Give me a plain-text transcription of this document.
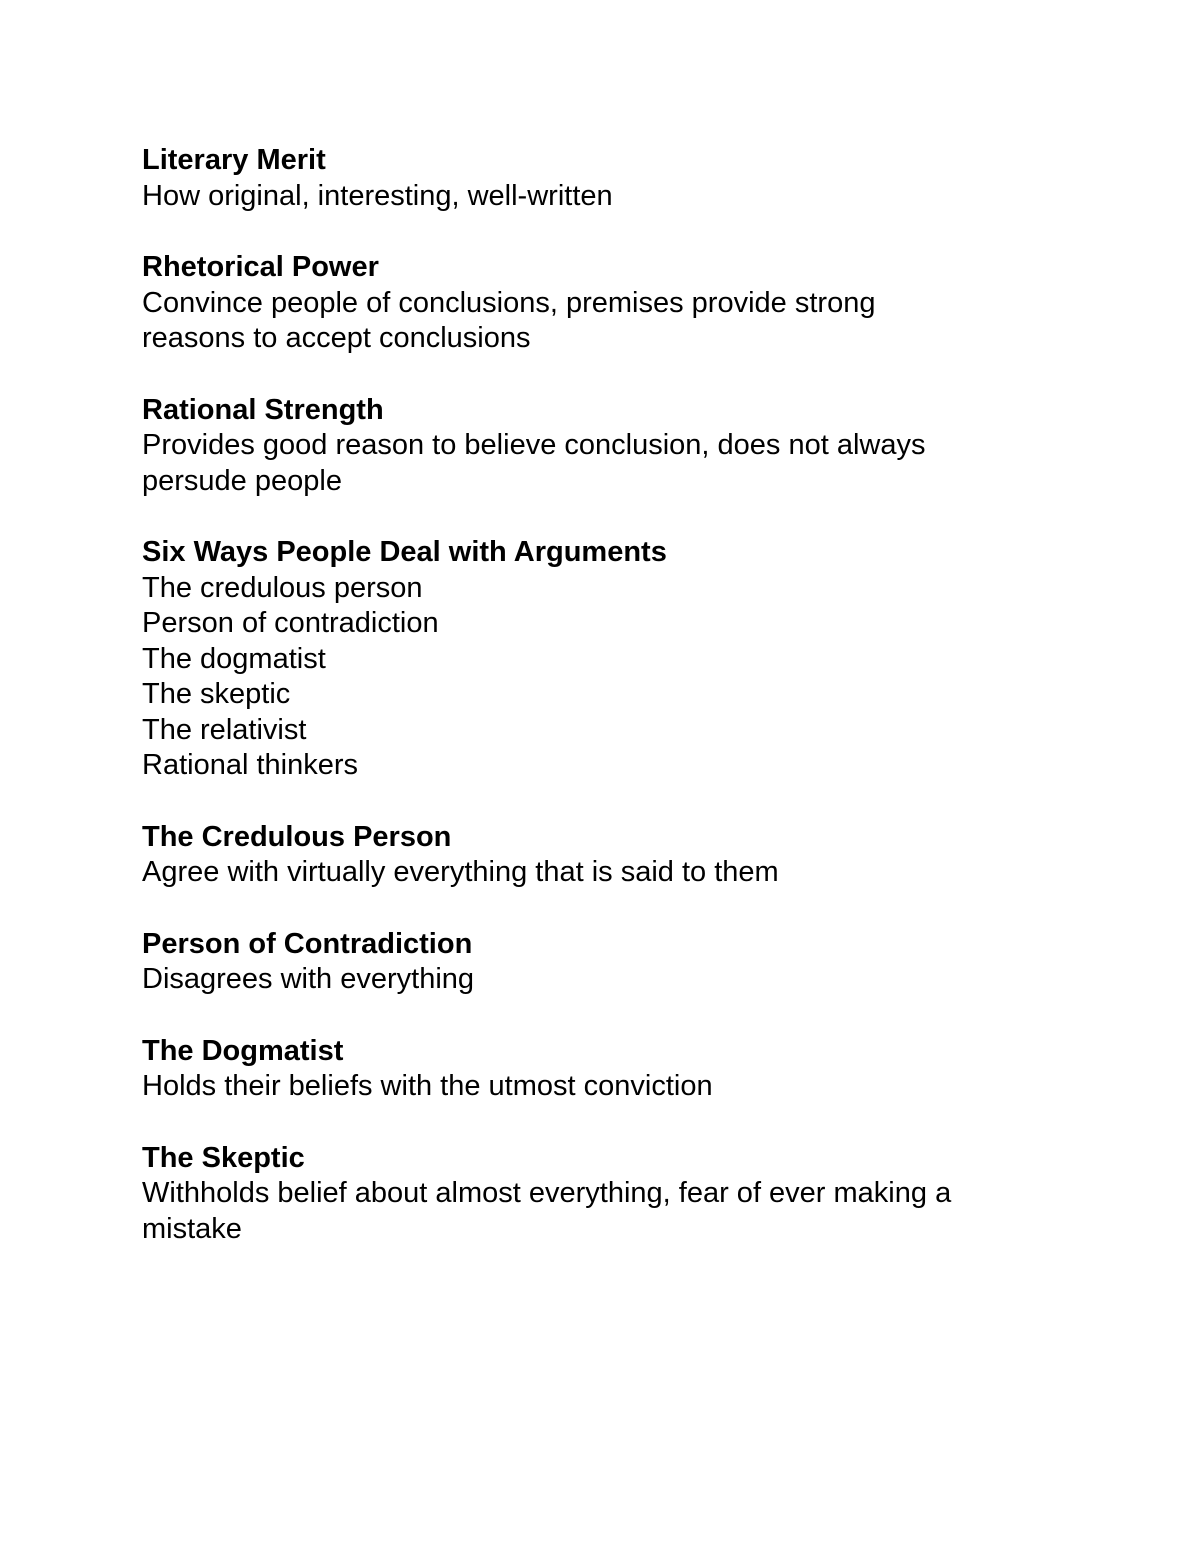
Literary Merit
How original, interesting, well-written
Rhetorical Power
Convince people of conclusions, premises provide strong
reasons to accept conclusions
Rational Strength
Provides good reason to believe conclusion, does not always
persude people
Six Ways People Deal with Arguments
The credulous person
Person of contradiction
The dogmatist
The skeptic
The relativist
Rational thinkers
The Credulous Person
Agree with virtually everything that is said to them
Person of Contradiction
Disagrees with everything
The Dogmatist
Holds their beliefs with the utmost conviction
The Skeptic
Withholds belief about almost everything, fear of ever making a
mistake
